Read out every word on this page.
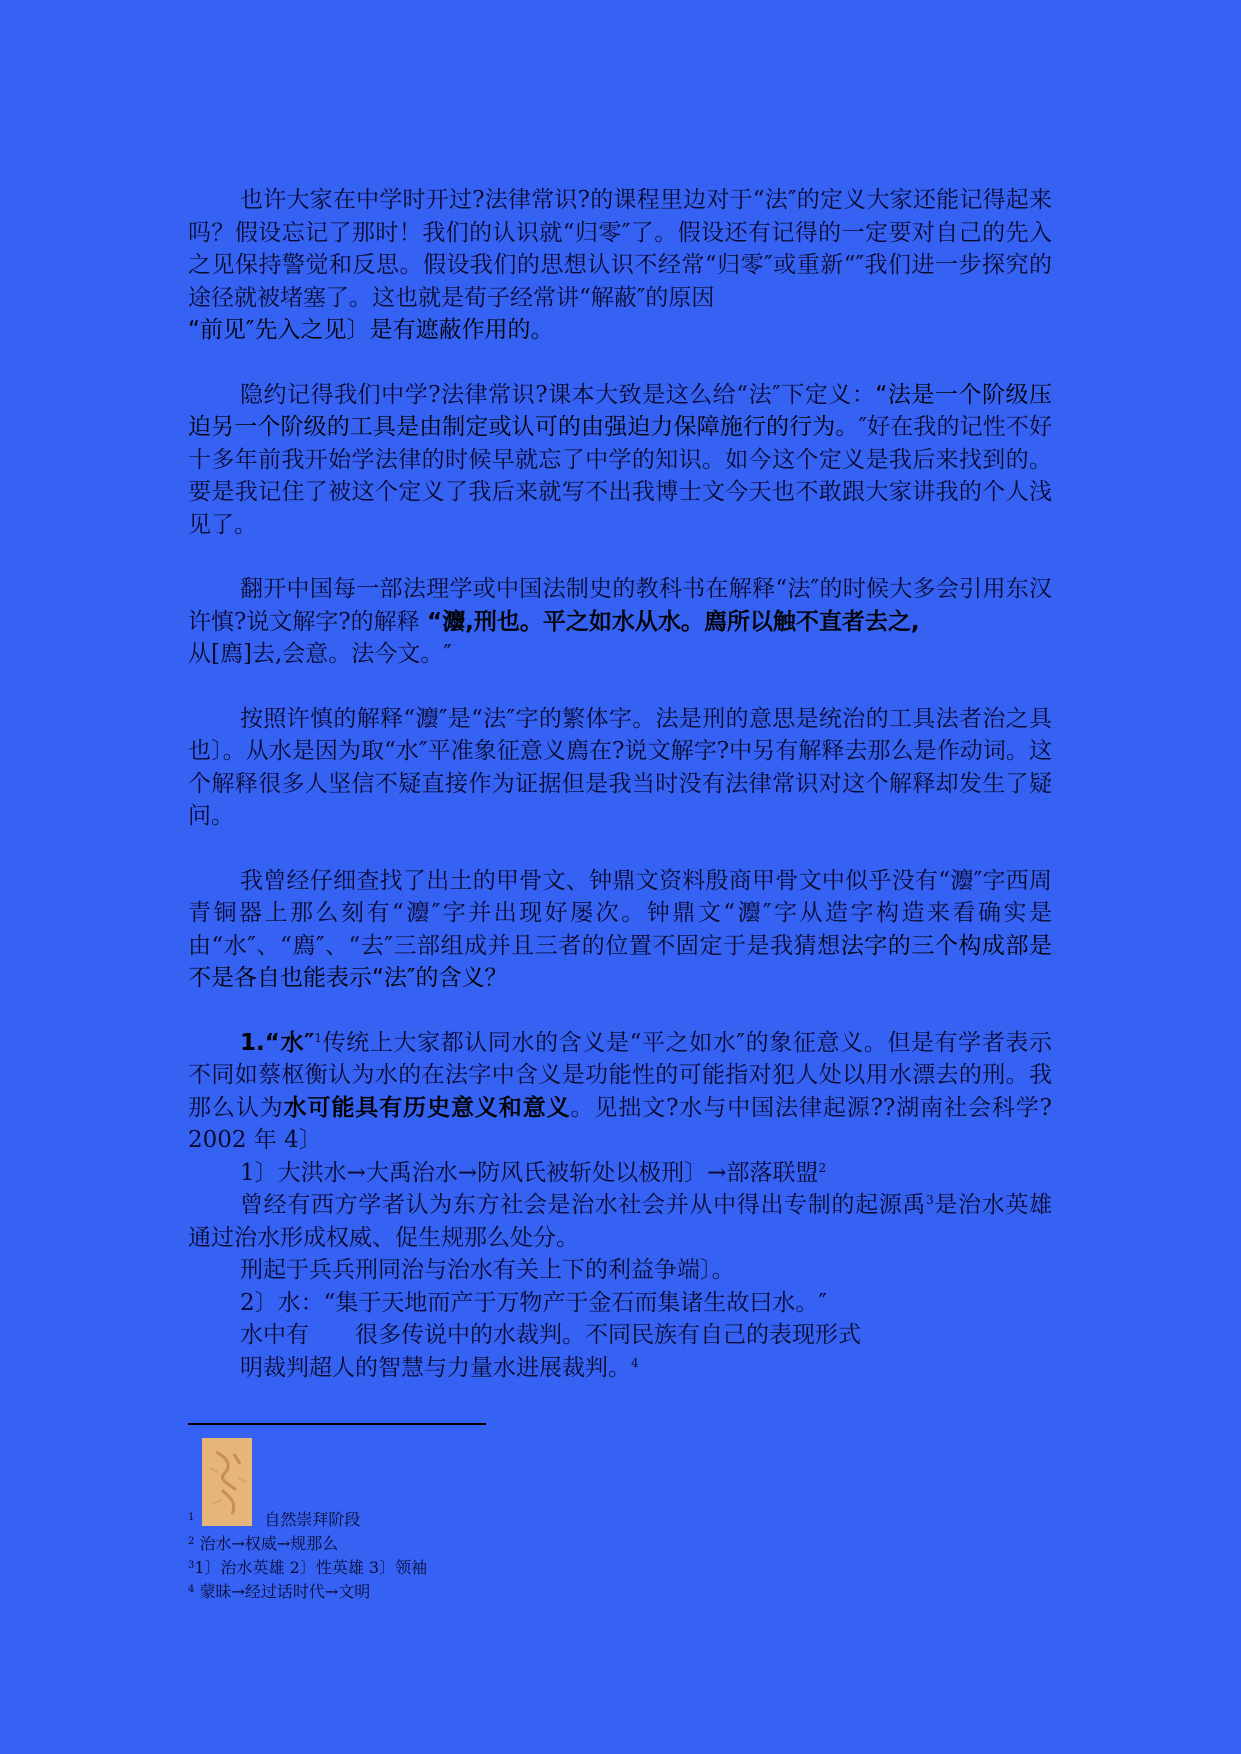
也许大家在中学时开过?法律常识?的课程里边对于“法″的定义大家还能记得起来吗？假设忘记了那时！我们的认识就“归零″了。假设还有记得的一定要对自己的先入之见保持警觉和反思。假设我们的思想认识不经常“归零″或重新“″我们进一步探究的途径就被堵塞了。这也就是荀子经常讲“解蔽″的原因
“前见″先入之见〕是有遮蔽作用的。

隐约记得我们中学?法律常识?课本大致是这么给“法″下定义：“法是一个阶级压迫另一个阶级的工具是由制定或认可的由强迫力保障施行的行为。″好在我的记性不好十多年前我开始学法律的时候早就忘了中学的知识。如今这个定义是我后来找到的。要是我记住了被这个定义了我后来就写不出我博士文今天也不敢跟大家讲我的个人浅见了。

翻开中国每一部法理学或中国法制史的教科书在解释“法″的时候大多会引用东汉许慎?说文解字?的解释 “灋,刑也。平之如水从水。廌所以触不直者去之,
从[廌]去,会意。法今文。″

按照许慎的解释“灋″是“法″字的繁体字。法是刑的意思是统治的工具法者治之具也〕。从水是因为取“水″平准象征意义廌在?说文解字?中另有解释去那么是作动词。这个解释很多人坚信不疑直接作为证据但是我当时没有法律常识对这个解释却发生了疑问。

我曾经仔细查找了出土的甲骨文、钟鼎文资料殷商甲骨文中似乎没有“灋″字西周青铜器上那么刻有“灋″字并出现好屡次。钟鼎文“灋″字从造字构造来看确实是由“水″、“廌″、“去″三部组成并且三者的位置不固定于是我猜想法字的三个构成部是不是各自也能表示“法″的含义？

1.“水″$^1$传统上大家都认同水的含义是“平之如水″的象征意义。但是有学者表示不同如蔡枢衡认为水的在法字中含义是功能性的可能指对犯人处以用水漂去的刑。我那么认为水可能具有历史意义和意义。见拙文?水与中国法律起源??湖南社会科学?2002 年 4〕

1〕大洪水→大禹治水→防风氏被斩处以极刑〕→部落联盟$^2$

曾经有西方学者认为东方社会是治水社会并从中得出专制的起源禹$^3$是治水英雄通过治水形成权威、促生规那么处分。

刑起于兵兵刑同治与治水有关上下的利益争端〕。

2〕水：“集于天地而产于万物产于金石而集诸生故曰水。″

水中有　　很多传说中的水裁判。不同民族有自己的表现形式

明裁判超人的智慧与力量水进展裁判。$^4$

$^1$	自然崇拜阶段
$^2$ 治水→权威→规那么
$^3$1〕治水英雄 2〕性英雄 3〕领袖
$^4$ 蒙昧→经过话时代→文明
